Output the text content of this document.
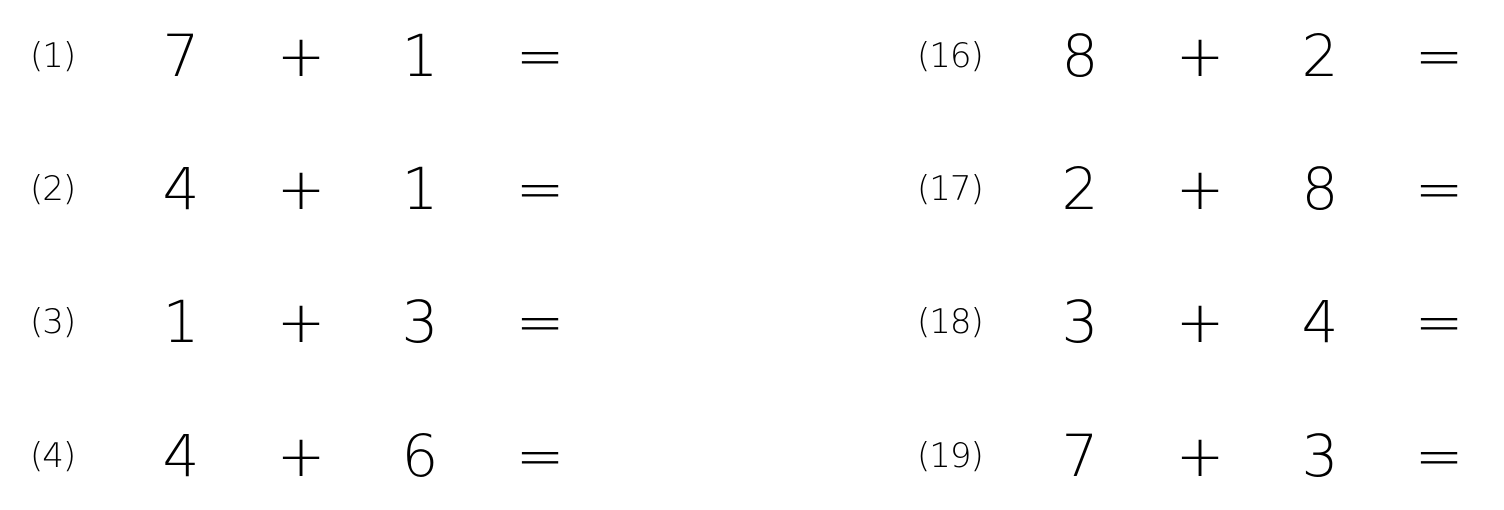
(1)	7 + 1 =
(2)	4 + 1 =
(3)	1 + 3 =
(4)	4 + 6 =
(16)	8 + 2 =
(17)	2 + 8 =
(18)	3 + 4 =
(19)	7 + 3 =
